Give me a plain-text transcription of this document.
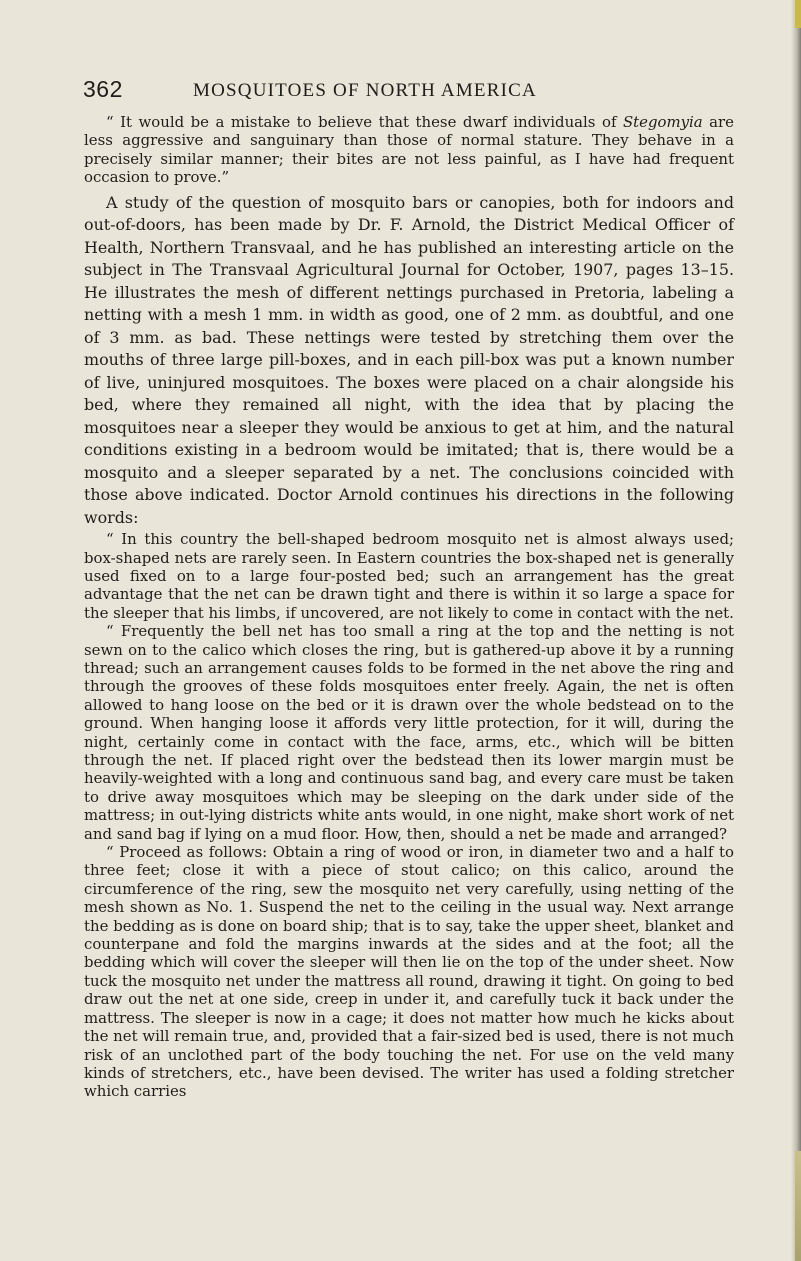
362	MOSQUITOES OF NORTH AMERICA

“ It would be a mistake to believe that these dwarf individuals of Stegomyia are less aggressive and sanguinary than those of normal stature. They behave in a precisely similar manner; their bites are not less painful, as I have had frequent occasion to prove.”

A study of the question of mosquito bars or canopies, both for indoors and out-of-doors, has been made by Dr. F. Arnold, the District Medical Officer of Health, Northern Transvaal, and he has published an interesting article on the subject in The Transvaal Agricultural Journal for October, 1907, pages 13–15. He illustrates the mesh of different nettings purchased in Pretoria, labeling a netting with a mesh 1 mm. in width as good, one of 2 mm. as doubtful, and one of 3 mm. as bad. These nettings were tested by stretching them over the mouths of three large pill-boxes, and in each pill-box was put a known number of live, uninjured mosquitoes. The boxes were placed on a chair alongside his bed, where they remained all night, with the idea that by placing the mosquitoes near a sleeper they would be anxious to get at him, and the natural conditions existing in a bedroom would be imitated; that is, there would be a mosquito and a sleeper separated by a net. The conclusions coincided with those above indicated. Doctor Arnold continues his directions in the following words:

“ In this country the bell-shaped bedroom mosquito net is almost always used; box-shaped nets are rarely seen. In Eastern countries the box-shaped net is generally used fixed on to a large four-posted bed; such an arrangement has the great advantage that the net can be drawn tight and there is within it so large a space for the sleeper that his limbs, if uncovered, are not likely to come in contact with the net.

“ Frequently the bell net has too small a ring at the top and the netting is not sewn on to the calico which closes the ring, but is gathered-up above it by a running thread; such an arrangement causes folds to be formed in the net above the ring and through the grooves of these folds mosquitoes enter freely. Again, the net is often allowed to hang loose on the bed or it is drawn over the whole bedstead on to the ground. When hanging loose it affords very little protection, for it will, during the night, certainly come in contact with the face, arms, etc., which will be bitten through the net. If placed right over the bedstead then its lower margin must be heavily-weighted with a long and continuous sand bag, and every care must be taken to drive away mosquitoes which may be sleeping on the dark under side of the mattress; in out-lying districts white ants would, in one night, make short work of net and sand bag if lying on a mud floor. How, then, should a net be made and arranged?

“ Proceed as follows: Obtain a ring of wood or iron, in diameter two and a half to three feet; close it with a piece of stout calico; on this calico, around the circumference of the ring, sew the mosquito net very carefully, using netting of the mesh shown as No. 1. Suspend the net to the ceiling in the usual way. Next arrange the bedding as is done on board ship; that is to say, take the upper sheet, blanket and counterpane and fold the margins inwards at the sides and at the foot; all the bedding which will cover the sleeper will then lie on the top of the under sheet. Now tuck the mosquito net under the mattress all round, drawing it tight. On going to bed draw out the net at one side, creep in under it, and carefully tuck it back under the mattress. The sleeper is now in a cage; it does not matter how much he kicks about the net will remain true, and, provided that a fair-sized bed is used, there is not much risk of an unclothed part of the body touching the net. For use on the veld many kinds of stretchers, etc., have been devised. The writer has used a folding stretcher which carries
